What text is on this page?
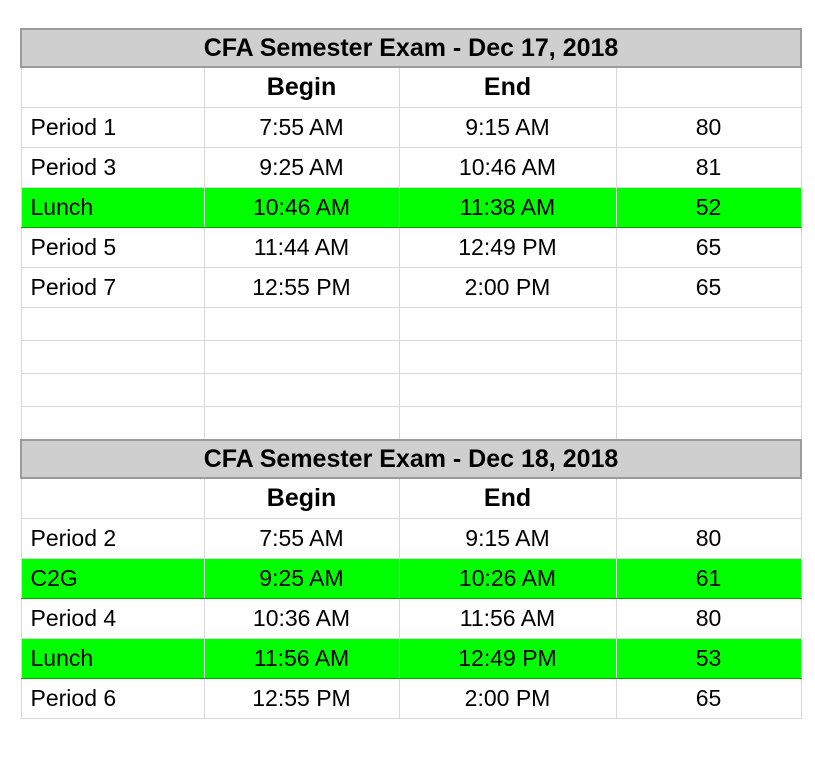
CFA Semester Exam - Dec 17, 2018			
	Begin	End	
Period 1	7:55 AM	9:15 AM	80
Period 3	9:25 AM	10:46 AM	81
Lunch	10:46 AM	11:38 AM	52
Period 5	11:44 AM	12:49 PM	65
Period 7	12:55 PM	2:00 PM	65

CFA Semester Exam - Dec 18, 2018			
	Begin	End	
Period 2	7:55 AM	9:15 AM	80
C2G	9:25 AM	10:26 AM	61
Period 4	10:36 AM	11:56 AM	80
Lunch	11:56 AM	12:49 PM	53
Period 6	12:55 PM	2:00 PM	65
